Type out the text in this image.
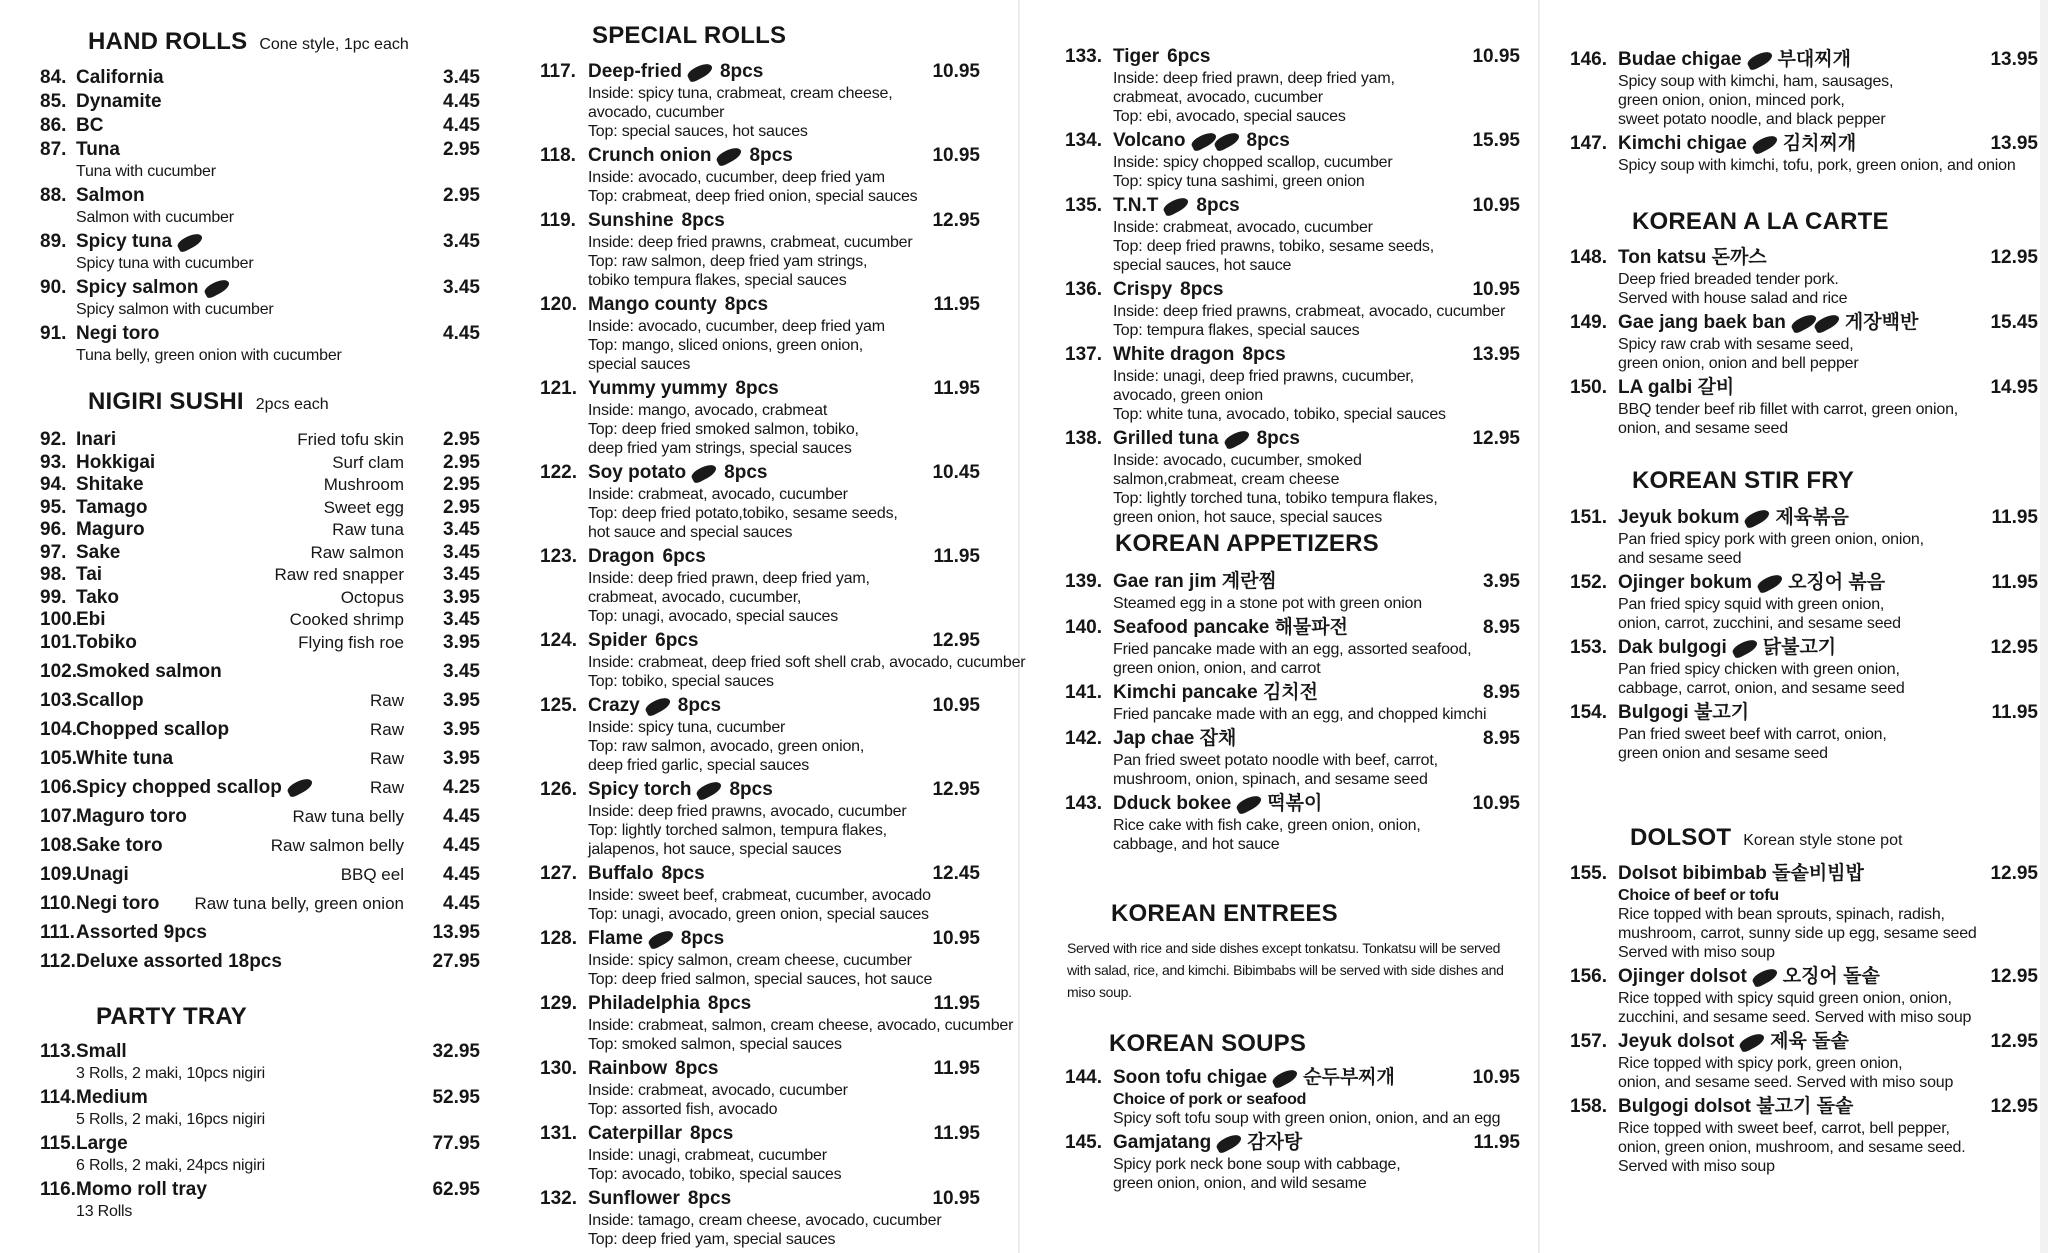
HAND ROLLS Cone style, 1pc each
NIGIRI SUSHI 2pcs each
PARTY TRAY
84. California	3.45
85. Dynamite	4.45
86. BC	4.45
87. Tuna	2.95
Tuna with cucumber
88. Salmon	2.95
Salmon with cucumber
89. Spicy tuna	3.45
Spicy tuna with cucumber
90. Spicy salmon	3.45
Spicy salmon with cucumber
91. Negi toro	4.45
Tuna belly, green onion with cucumber
92. Inari	Fried tofu skin 2.95
93. Hokkigai	Surf clam 2.95
94. Shitake	Mushroom 2.95
95. Tamago	Sweet egg 2.95
96. Maguro	Raw tuna 3.45
97. Sake	Raw salmon 3.45
98. Tai	Raw red snapper 3.45
99. Tako	Octopus 3.95
100. Ebi	Cooked shrimp 3.45
101. Tobiko	Flying fish roe 3.95
102. Smoked salmon	3.45
103. Scallop	Raw 3.95
104. Chopped scallop	Raw 3.95
105. White tuna	Raw 3.95
106. Spicy chopped scallop	Raw 4.25
107. Maguro toro	Raw tuna belly 4.45
108. Sake toro	Raw salmon belly 4.45
109. Unagi	BBQ eel 4.45
110. Negi toro Raw tuna belly, green onion 4.45
111. Assorted 9pcs	13.95
112. Deluxe assorted 18pcs	27.95
113. Small	32.95
3 Rolls, 2 maki, 10pcs nigiri
114. Medium	52.95
5 Rolls, 2 maki, 16pcs nigiri
115. Large	77.95
6 Rolls, 2 maki, 24pcs nigiri
116. Momo roll tray	62.95
13 Rolls
SPECIAL ROLLS
117. Deep-fried 8pcs	10.95
Inside: spicy tuna, crabmeat, cream cheese,
avocado, cucumber
Top: special sauces, hot sauces
118. Crunch onion 8pcs	10.95
Inside: avocado, cucumber, deep fried yam
Top: crabmeat, deep fried onion, special sauces
119. Sunshine 8pcs	12.95
Inside: deep fried prawns, crabmeat, cucumber
Top: raw salmon, deep fried yam strings,
tobiko tempura flakes, special sauces
120. Mango county 8pcs	11.95
Inside: avocado, cucumber, deep fried yam
Top: mango, sliced onions, green onion,
special sauces
121. Yummy yummy 8pcs	11.95
Inside: mango, avocado, crabmeat
Top: deep fried smoked salmon, tobiko,
deep fried yam strings, special sauces
122. Soy potato 8pcs	10.45
Inside: crabmeat, avocado, cucumber
Top: deep fried potato,tobiko, sesame seeds,
hot sauce and special sauces
123. Dragon 6pcs	11.95
Inside: deep fried prawn, deep fried yam,
crabmeat, avocado, cucumber,
Top: unagi, avocado, special sauces
124. Spider 6pcs	12.95
Inside: crabmeat, deep fried soft shell crab, avocado, cucumber
Top: tobiko, special sauces
125. Crazy 8pcs	10.95
Inside: spicy tuna, cucumber
Top: raw salmon, avocado, green onion,
deep fried garlic, special sauces
126. Spicy torch 8pcs	12.95
Inside: deep fried prawns, avocado, cucumber
Top: lightly torched salmon, tempura flakes,
jalapenos, hot sauce, special sauces
127. Buffalo 8pcs	12.45
Inside: sweet beef, crabmeat, cucumber, avocado
Top: unagi, avocado, green onion, special sauces
128. Flame 8pcs	10.95
Inside: spicy salmon, cream cheese, cucumber
Top: deep fried salmon, special sauces, hot sauce
129. Philadelphia 8pcs	11.95
Inside: crabmeat, salmon, cream cheese, avocado, cucumber
Top: smoked salmon, special sauces
130. Rainbow 8pcs	11.95
Inside: crabmeat, avocado, cucumber
Top: assorted fish, avocado
131. Caterpillar 8pcs	11.95
Inside: unagi, crabmeat, cucumber
Top: avocado, tobiko, special sauces
132. Sunflower 8pcs	10.95
Inside: tamago, cream cheese, avocado, cucumber
Top: deep fried yam, special sauces
KOREAN APPETIZERS
KOREAN ENTREES
Served with rice and side dishes except tonkatsu. Tonkatsu will be served with salad, rice, and kimchi. Bibimbabs will be served with side dishes and miso soup.
KOREAN SOUPS
133. Tiger 6pcs	10.95
Inside: deep fried prawn, deep fried yam,
crabmeat, avocado, cucumber
Top: ebi, avocado, special sauces
134. Volcano	8pcs	15.95
Inside: spicy chopped scallop, cucumber
Top: spicy tuna sashimi, green onion
135. T.N.T 8pcs	10.95
Inside: crabmeat, avocado, cucumber
Top: deep fried prawns, tobiko, sesame seeds,
special sauces, hot sauce
136. Crispy 8pcs	10.95
Inside: deep fried prawns, crabmeat, avocado, cucumber
Top: tempura flakes, special sauces
137. White dragon 8pcs	13.95
Inside: unagi, deep fried prawns, cucumber,
avocado, green onion
Top: white tuna, avocado, tobiko, special sauces
138. Grilled tuna 8pcs	12.95
Inside: avocado, cucumber, smoked
salmon,crabmeat, cream cheese
Top: lightly torched tuna, tobiko tempura flakes,
green onion, hot sauce, special sauces
139. Gae ran jim 계란찜	3.95
Steamed egg in a stone pot with green onion
140. Seafood pancake 해물파전	8.95
Fried pancake made with an egg, assorted seafood,
green onion, onion, and carrot
141. Kimchi pancake 김치전	8.95
Fried pancake made with an egg, and chopped kimchi
142. Jap chae 잡채	8.95
Pan fried sweet potato noodle with beef, carrot,
mushroom, onion, spinach, and sesame seed
143. Dduck bokee 떡볶이	10.95
Rice cake with fish cake, green onion, onion,
cabbage, and hot sauce
144. Soon tofu chigae 순두부찌개	10.95
Choice of pork or seafood
Spicy soft tofu soup with green onion, onion, and an egg
145. Gamjatang 감자탕	11.95
Spicy pork neck bone soup with cabbage,
green onion, onion, and wild sesame
KOREAN A LA CARTE
KOREAN STIR FRY
DOLSOT Korean style stone pot
146. Budae chigae 부대찌개	13.95
Spicy soup with kimchi, ham, sausages,
green onion, onion, minced pork,
sweet potato noodle, and black pepper
147. Kimchi chigae 김치찌개	13.95
Spicy soup with kimchi, tofu, pork, green onion, and onion
148. Ton katsu 돈까스	12.95
Deep fried breaded tender pork.
Served with house salad and rice
149. Gae jang baek ban	게장백반	15.45
Spicy raw crab with sesame seed,
green onion, onion and bell pepper
150. LA galbi 갈비	14.95
BBQ tender beef rib fillet with carrot, green onion,
onion, and sesame seed
151. Jeyuk bokum 제육볶음	11.95
Pan fried spicy pork with green onion, onion,
and sesame seed
152. Ojinger bokum 오징어 볶음	11.95
Pan fried spicy squid with green onion,
onion, carrot, zucchini, and sesame seed
153. Dak bulgogi 닭불고기	12.95
Pan fried spicy chicken with green onion,
cabbage, carrot, onion, and sesame seed
154. Bulgogi 불고기	11.95
Pan fried sweet beef with carrot, onion,
green onion and sesame seed
155. Dolsot bibimbab 돌솥비빔밥	12.95
Choice of beef or tofu
Rice topped with bean sprouts, spinach, radish,
mushroom, carrot, sunny side up egg, sesame seed
Served with miso soup
156. Ojinger dolsot 오징어 돌솥	12.95
Rice topped with spicy squid green onion, onion,
zucchini, and sesame seed. Served with miso soup
157. Jeyuk dolsot 제육 돌솥	12.95
Rice topped with spicy pork, green onion,
onion, and sesame seed. Served with miso soup
158. Bulgogi dolsot 불고기 돌솥	12.95
Rice topped with sweet beef, carrot, bell pepper,
onion, green onion, mushroom, and sesame seed.
Served with miso soup
